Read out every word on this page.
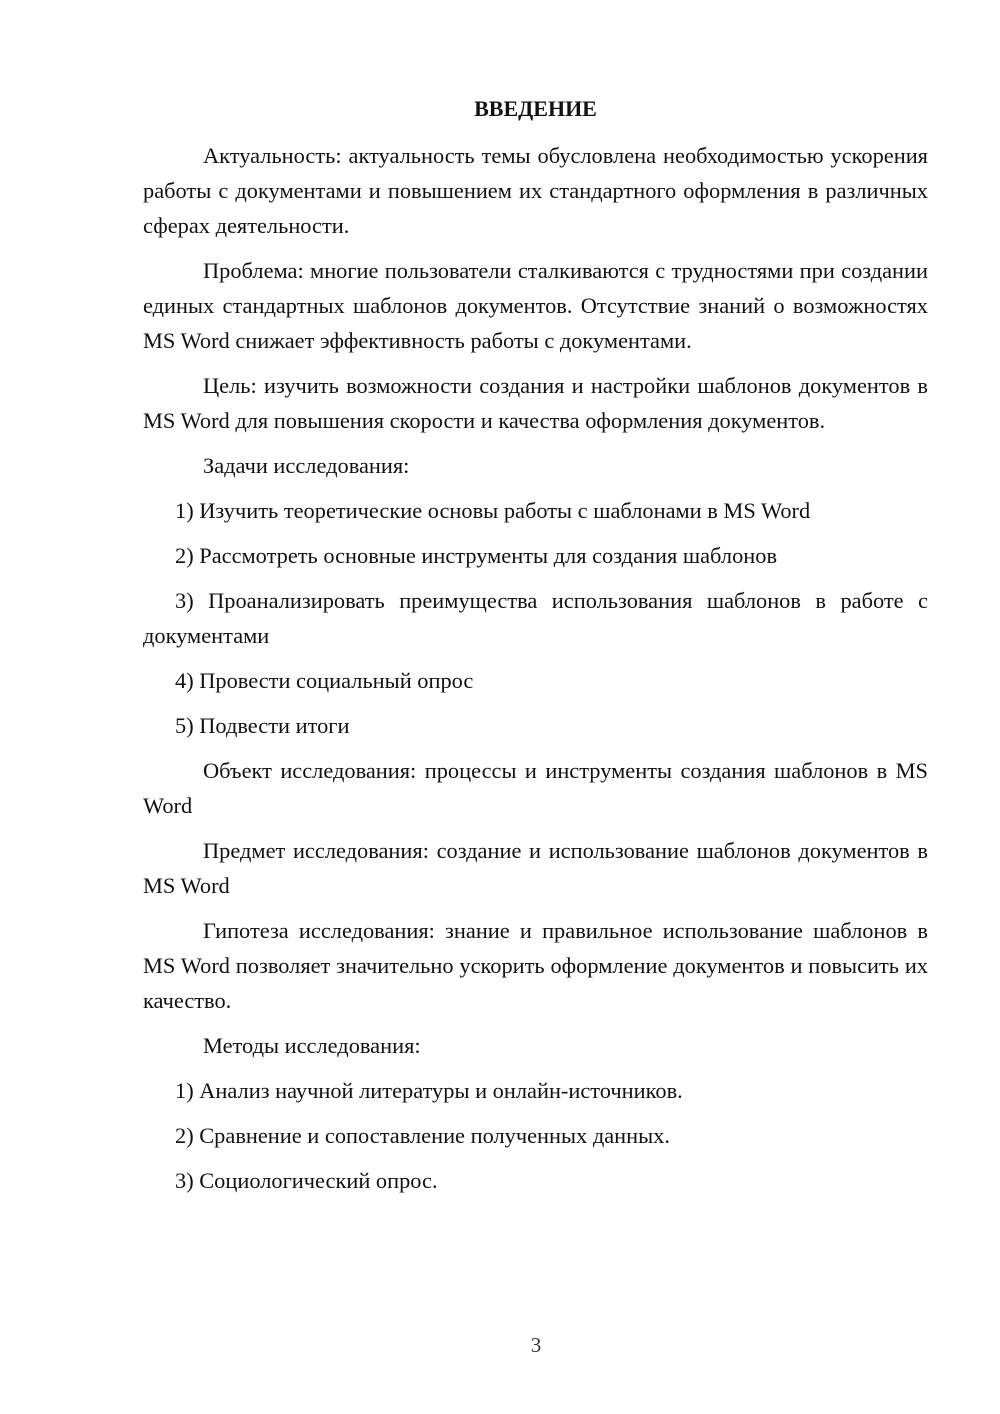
ВВЕДЕНИЕ

Актуальность: актуальность темы обусловлена необходимостью ускорения работы с документами и повышением их стандартного оформления в различных сферах деятельности.

Проблема: многие пользователи сталкиваются с трудностями при создании единых стандартных шаблонов документов. Отсутствие знаний о возможностях MS Word снижает эффективность работы с документами.

Цель: изучить возможности создания и настройки шаблонов документов в MS Word для повышения скорости и качества оформления документов.

Задачи исследования:

1) Изучить теоретические основы работы с шаблонами в MS Word

2) Рассмотреть основные инструменты для создания шаблонов

3) Проанализировать преимущества использования шаблонов в работе с документами

4) Провести социальный опрос

5) Подвести итоги

Объект исследования: процессы и инструменты создания шаблонов в MS Word

Предмет исследования: создание и использование шаблонов документов в MS Word

Гипотеза исследования: знание и правильное использование шаблонов в MS Word позволяет значительно ускорить оформление документов и повысить их качество.

Методы исследования:

1) Анализ научной литературы и онлайн-источников.

2) Сравнение и сопоставление полученных данных.

3) Социологический опрос.

3
